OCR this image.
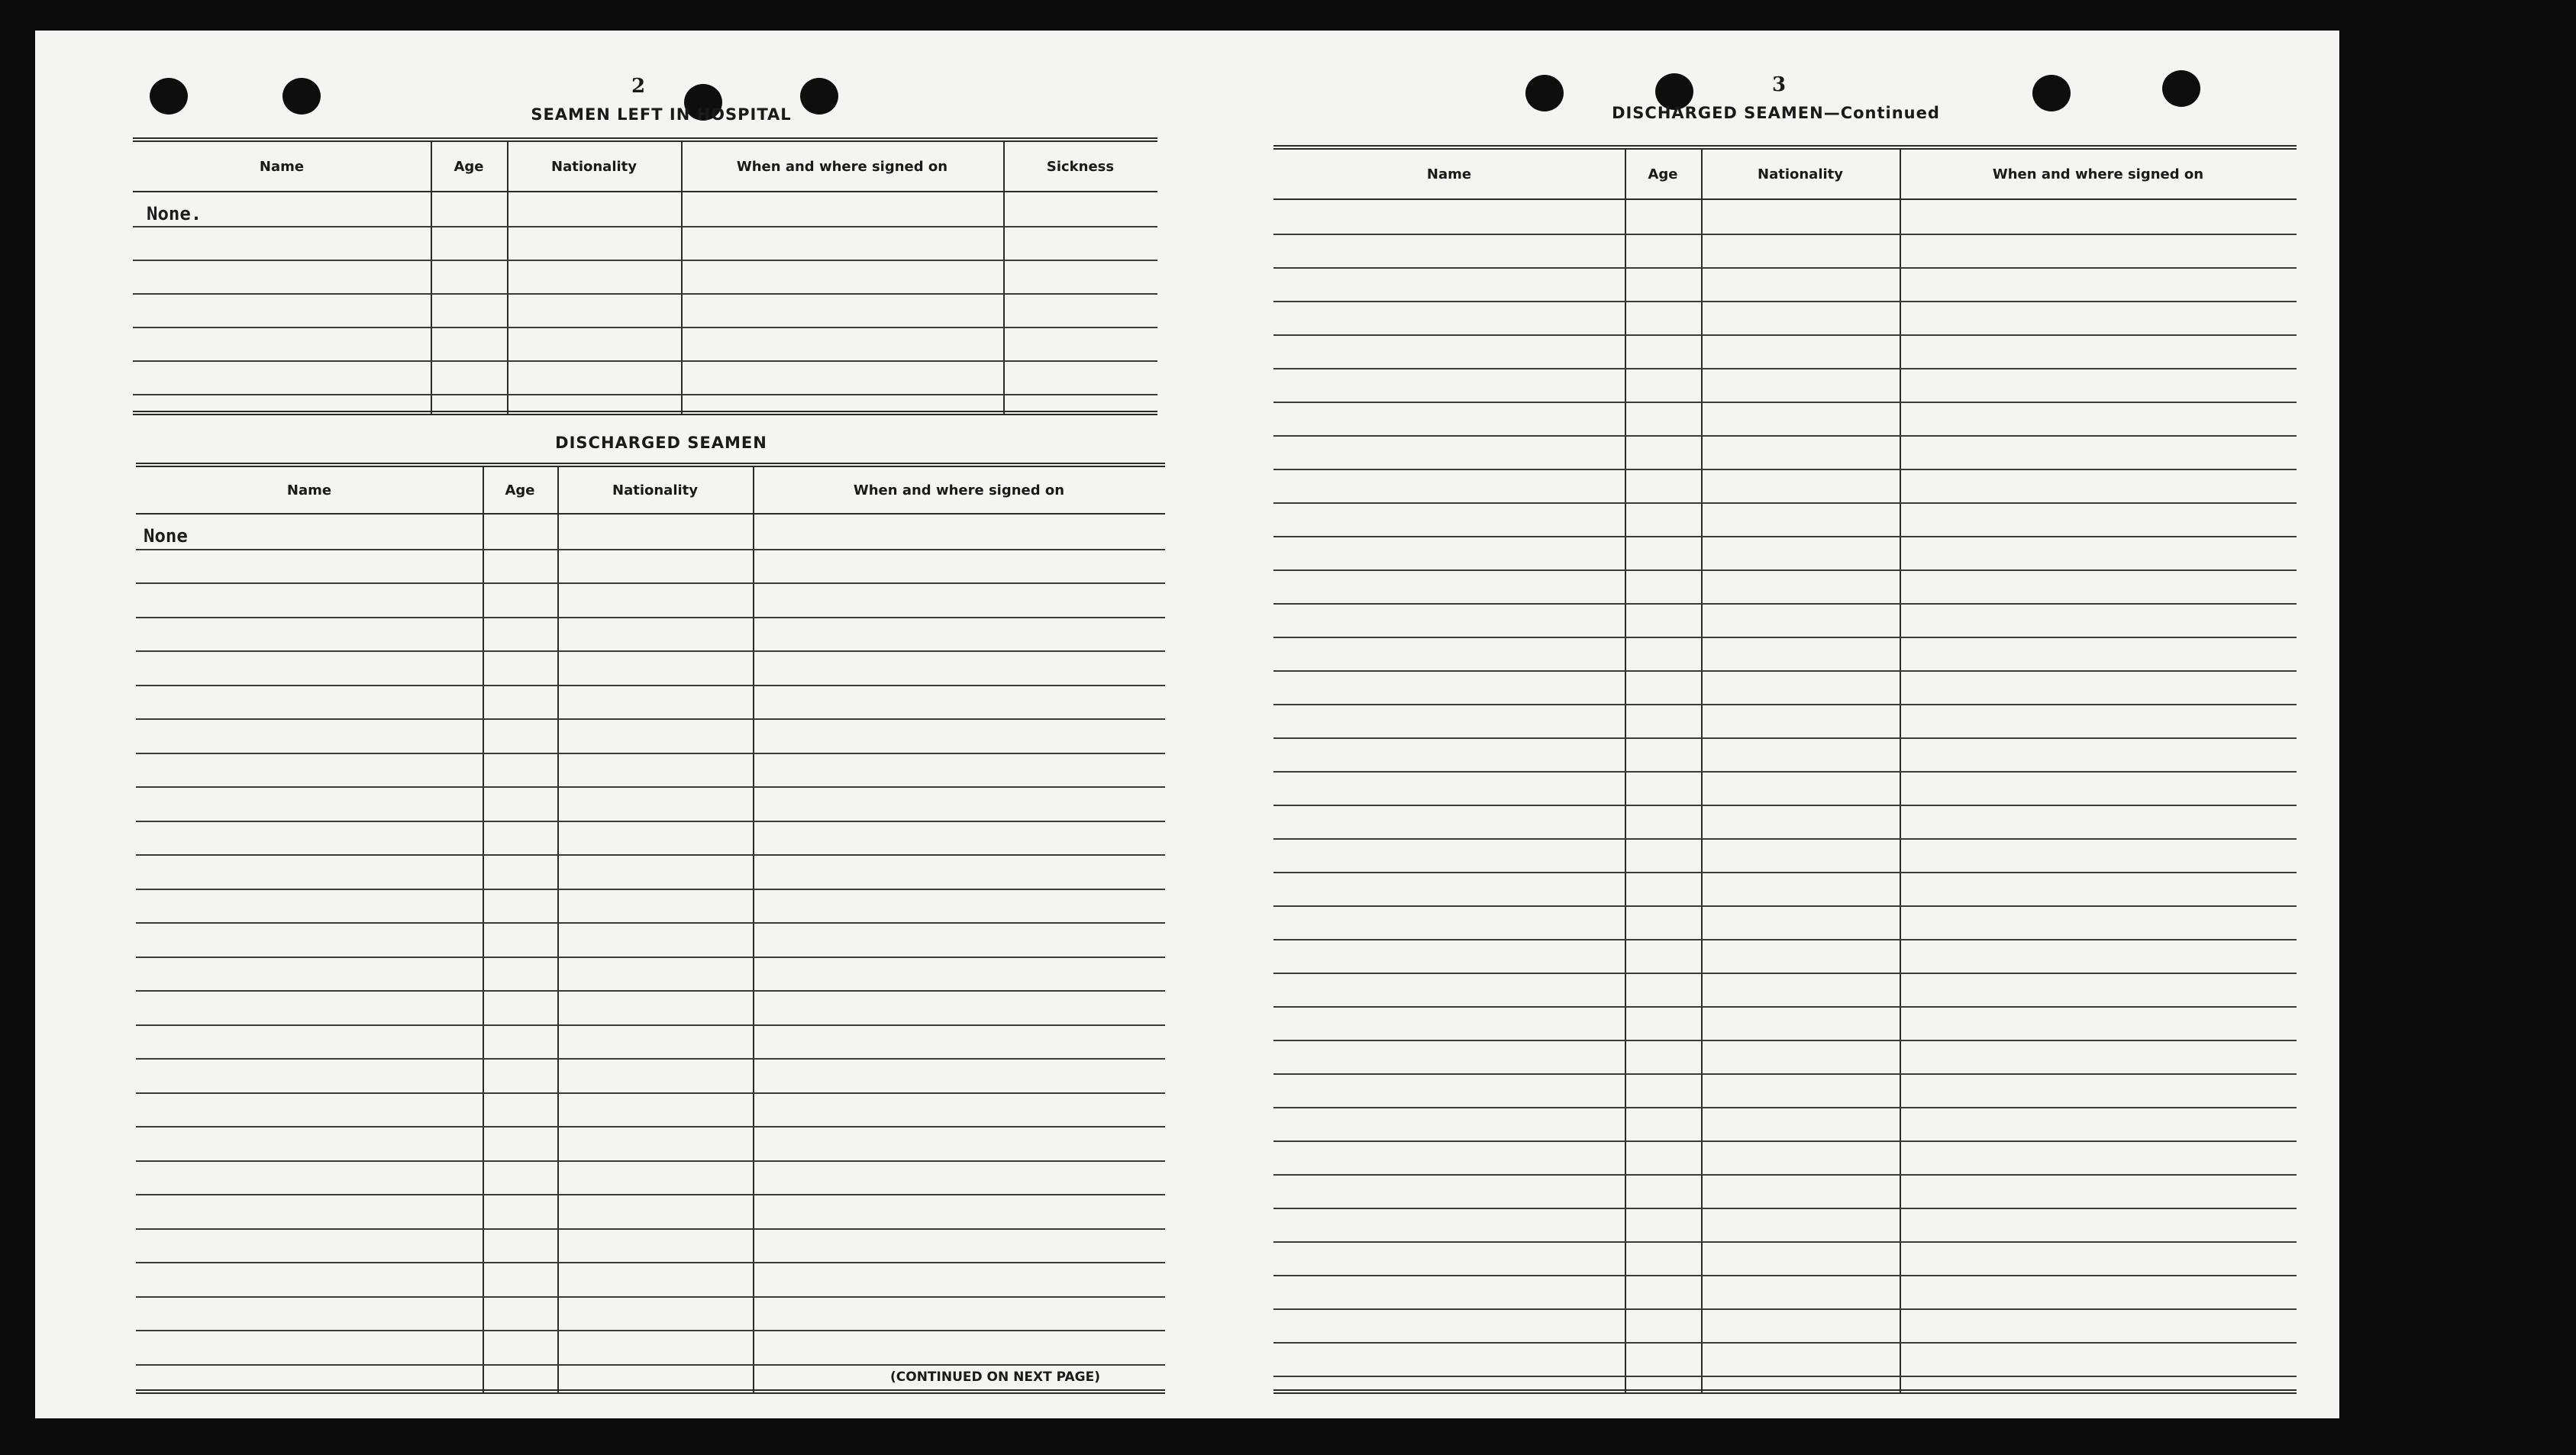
2
SEAMEN LEFT IN HOSPITAL
Name	Age	Nationality	When and where signed on	Sickness
None.
DISCHARGED SEAMEN
Name	Age	Nationality	When and where signed on
None
(CONTINUED ON NEXT PAGE)
3
DISCHARGED SEAMEN—Continued
Name	Age	Nationality	When and where signed on
